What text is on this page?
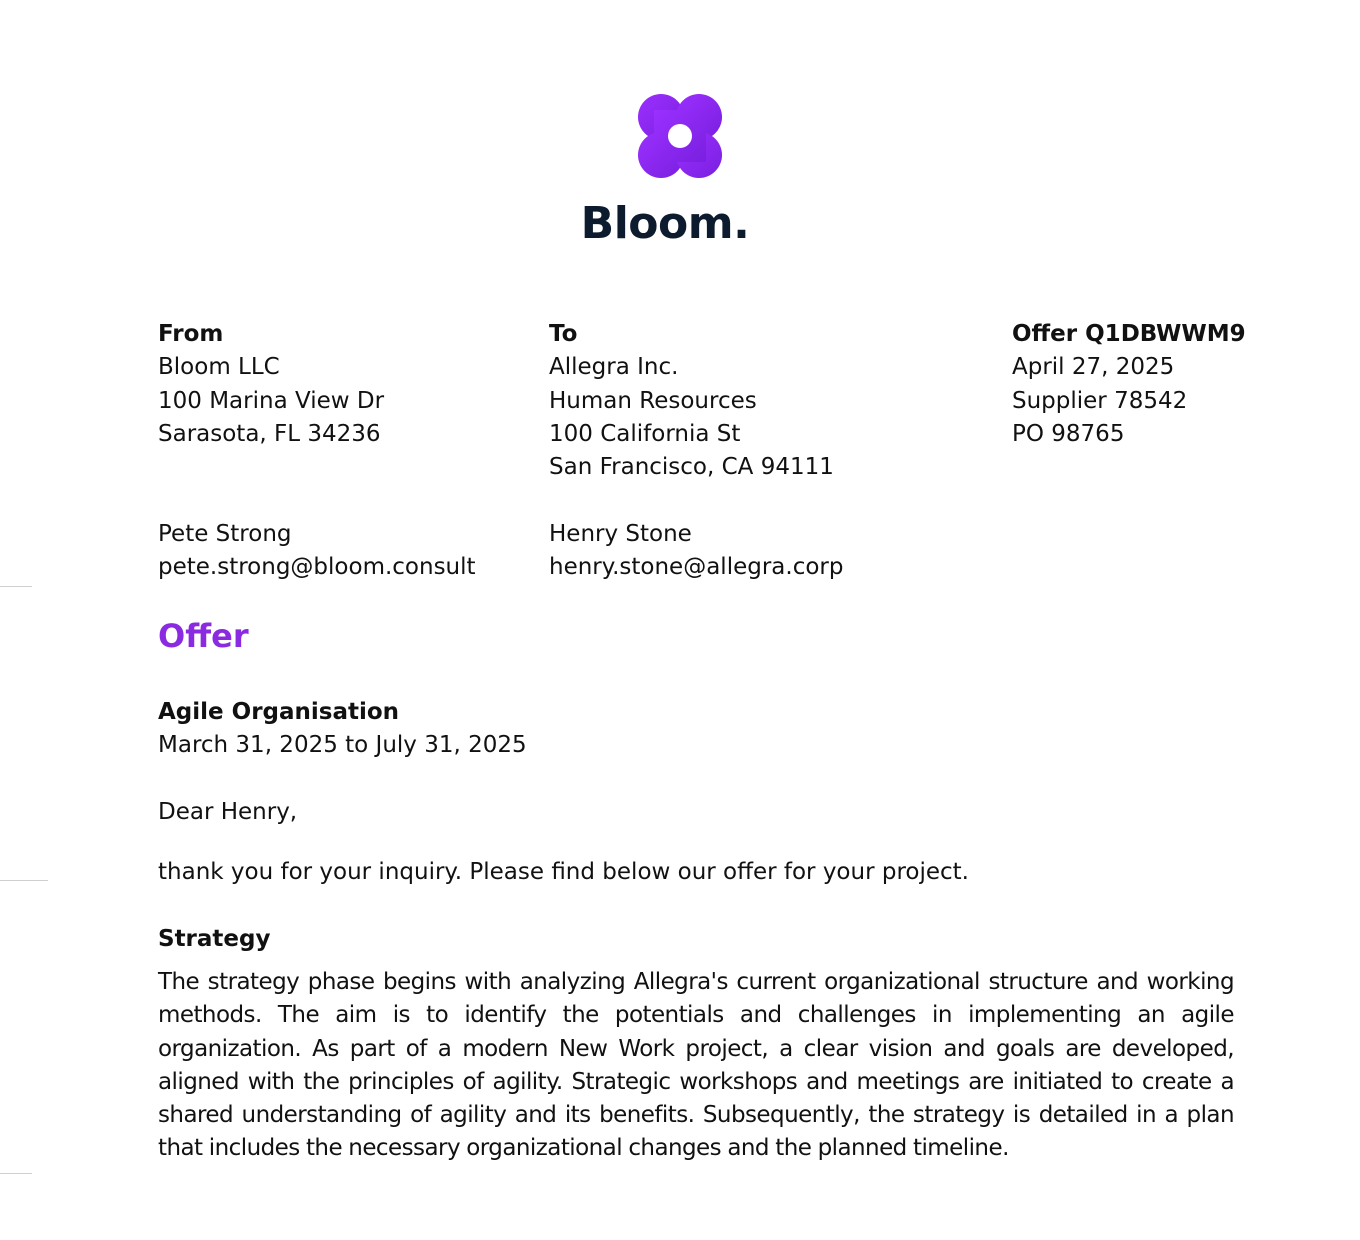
Bloom.
From
Bloom LLC
100 Marina View Dr
Sarasota, FL 34236
Pete Strong
pete.strong@bloom.consult
To
Allegra Inc.
Human Resources
100 California St
San Francisco, CA 94111
Henry Stone
henry.stone@allegra.corp
Offer Q1DBWWM9
April 27, 2025
Supplier 78542
PO 98765
Offer
Agile Organisation
March 31, 2025 to July 31, 2025
Dear Henry,
thank you for your inquiry. Please find below our offer for your project.
Strategy
The strategy phase begins with analyzing Allegra's current organizational structure and working methods. The aim is to identify the potentials and challenges in implementing an agile organization. As part of a modern New Work project, a clear vision and goals are developed, aligned with the principles of agility. Strategic workshops and meetings are initiated to create a shared understanding of agility and its benefits. Subsequently, the strategy is detailed in a plan that includes the necessary organizational changes and the planned timeline.
